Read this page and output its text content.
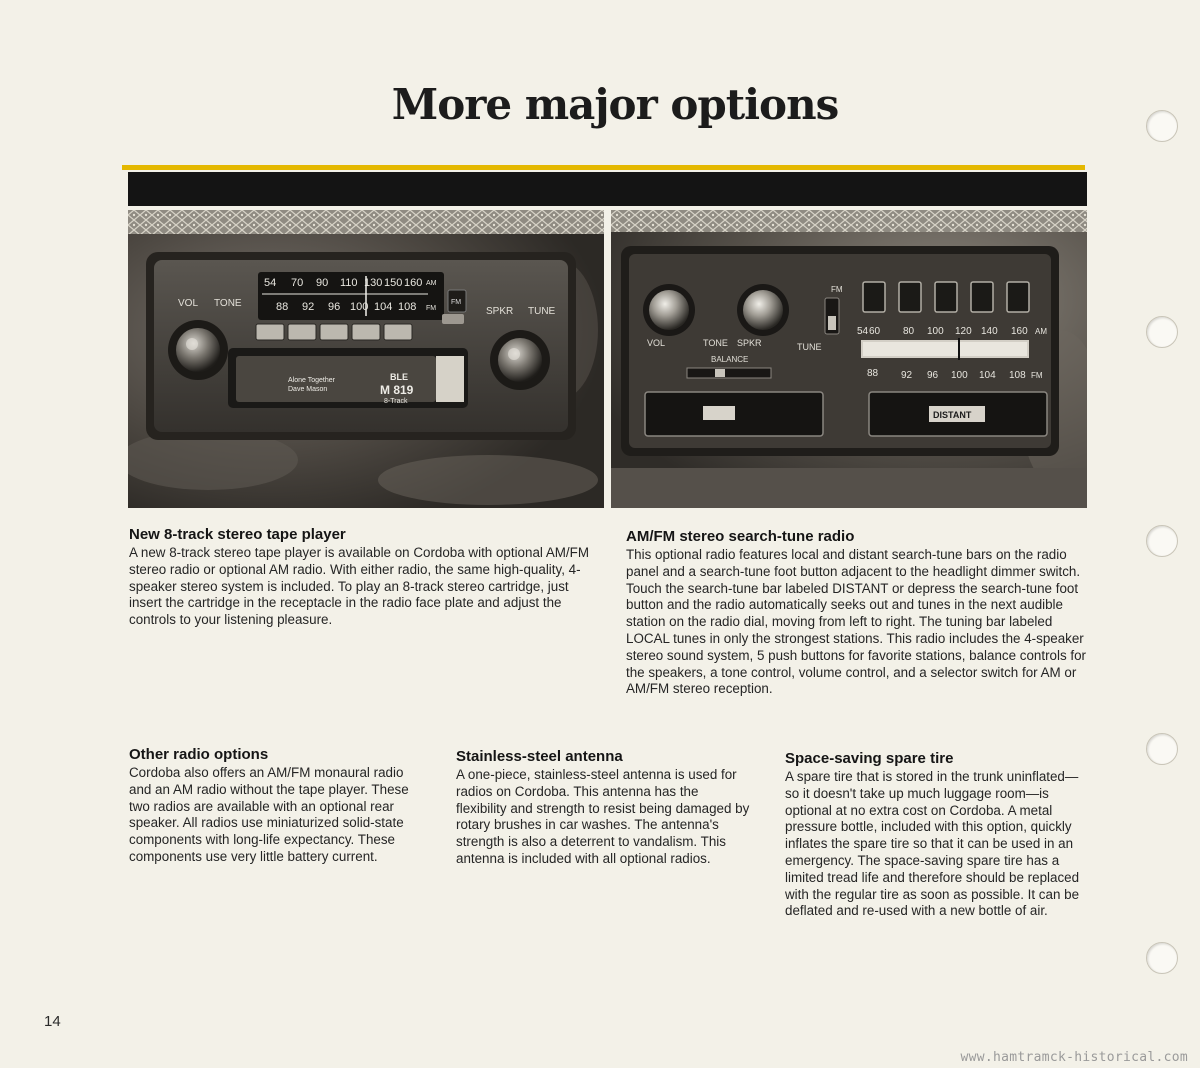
More major options
54 70 90 110 130 150 160 AM
88 92 96 100 104 108 FM
FM
VOL TONE
SPKR TUNE
Alone Together
Dave Mason
BLE
M 819
8-Track
VOL	TONE SPKR	TUNE
BALANCE
FM
54 60 80 100 120 140 160 AM
88 92 96 100 104 108 FM
DISTANT
New 8-track stereo tape player

A new 8-track stereo tape player is available on Cordoba with optional AM/FM stereo radio or optional AM radio. With either radio, the same high-quality, 4-speaker stereo system is included. To play an 8-track stereo cartridge, just insert the cartridge in the receptacle in the radio face plate and adjust the controls to your listening pleasure.

AM/FM stereo search-tune radio

This optional radio features local and distant search-tune bars on the radio panel and a search-tune foot button adjacent to the headlight dimmer switch. Touch the search-tune bar labeled DISTANT or depress the search-tune foot button and the radio automatically seeks out and tunes in the next audible station on the radio dial, moving from left to right. The tuning bar labeled LOCAL tunes in only the strongest stations. This radio includes the 4-speaker stereo sound system, 5 push buttons for favorite stations, balance controls for the speakers, a tone control, volume control, and a selector switch for AM or AM/FM stereo reception.

Other radio options

Cordoba also offers an AM/FM monaural radio and an AM radio without the tape player. These two radios are available with an optional rear speaker. All radios use miniaturized solid-state components with long-life expectancy. These components use very little battery current.

Stainless-steel antenna

A one-piece, stainless-steel antenna is used for radios on Cordoba. This antenna has the flexibility and strength to resist being damaged by rotary brushes in car washes. The antenna's strength is also a deterrent to vandalism. This antenna is included with all optional radios.

Space-saving spare tire

A spare tire that is stored in the trunk uninflated—so it doesn't take up much luggage room—is optional at no extra cost on Cordoba. A metal pressure bottle, included with this option, quickly inflates the spare tire so that it can be used in an emergency. The space-saving spare tire has a limited tread life and therefore should be replaced with the regular tire as soon as possible. It can be deflated and re-used with a new bottle of air.

14
www.hamtramck-historical.com
